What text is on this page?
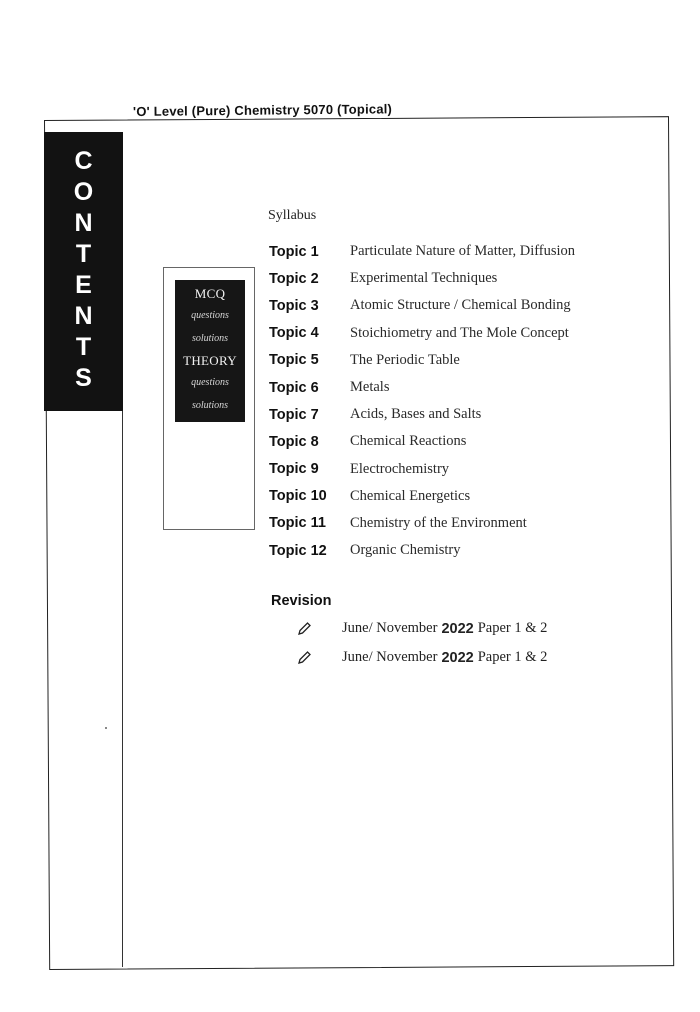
'O' Level (Pure) Chemistry 5070 (Topical)
C
O
N
T
E
N
T
S
MCQ
questions
solutions
THEORY
questions
solutions
Syllabus
Topic 1	Particulate Nature of Matter, Diffusion
Topic 2	Experimental Techniques
Topic 3	Atomic Structure / Chemical Bonding
Topic 4	Stoichiometry and The Mole Concept
Topic 5	The Periodic Table
Topic 6	Metals
Topic 7	Acids, Bases and Salts
Topic 8	Chemical Reactions
Topic 9	Electrochemistry
Topic 10	Chemical Energetics
Topic 11	Chemistry of the Environment
Topic 12	Organic Chemistry
Revision
June/ November 2022 Paper 1 & 2
June/ November 2022 Paper 1 & 2
